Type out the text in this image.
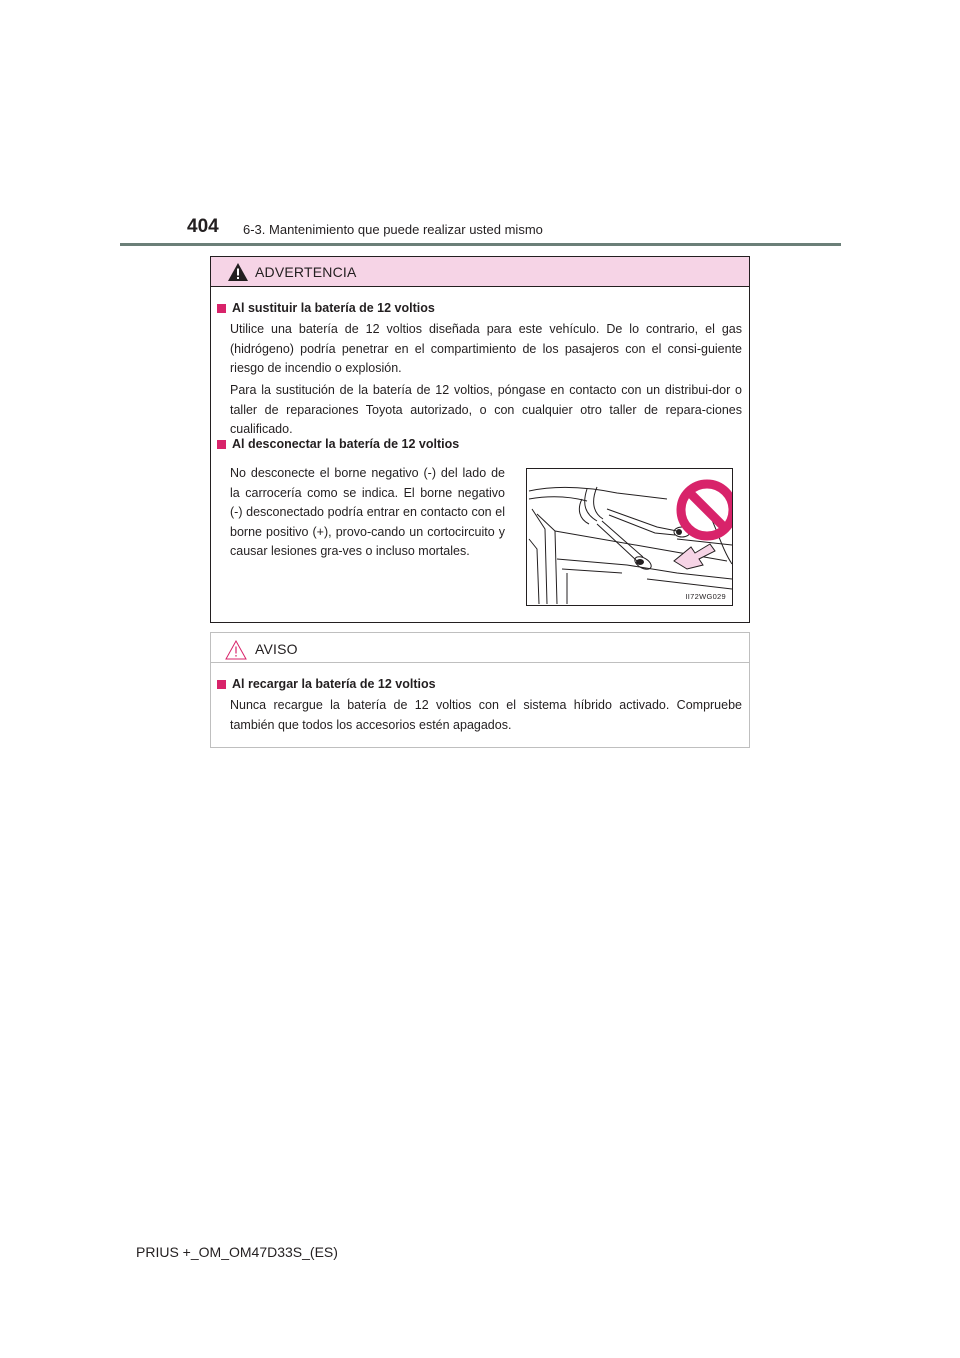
404 6-3. Mantenimiento que puede realizar usted mismo
ADVERTENCIA
Al sustituir la batería de 12 voltios
Utilice una batería de 12 voltios diseñada para este vehículo. De lo contrario, el gas (hidrógeno) podría penetrar en el compartimiento de los pasajeros con el consi-guiente riesgo de incendio o explosión.
Para la sustitución de la batería de 12 voltios, póngase en contacto con un distribui-dor o taller de reparaciones Toyota autorizado, o con cualquier otro taller de repara-ciones cualificado.
Al desconectar la batería de 12 voltios
No desconecte el borne negativo (-) del lado de la carrocería como se indica. El borne negativo (-) desconectado podría entrar en contacto con el borne positivo (+), provo-cando un cortocircuito y causar lesiones gra-ves o incluso mortales.
II72WG029
AVISO
Al recargar la batería de 12 voltios
Nunca recargue la batería de 12 voltios con el sistema híbrido activado. Compruebe también que todos los accesorios estén apagados.
PRIUS +_OM_OM47D33S_(ES)
